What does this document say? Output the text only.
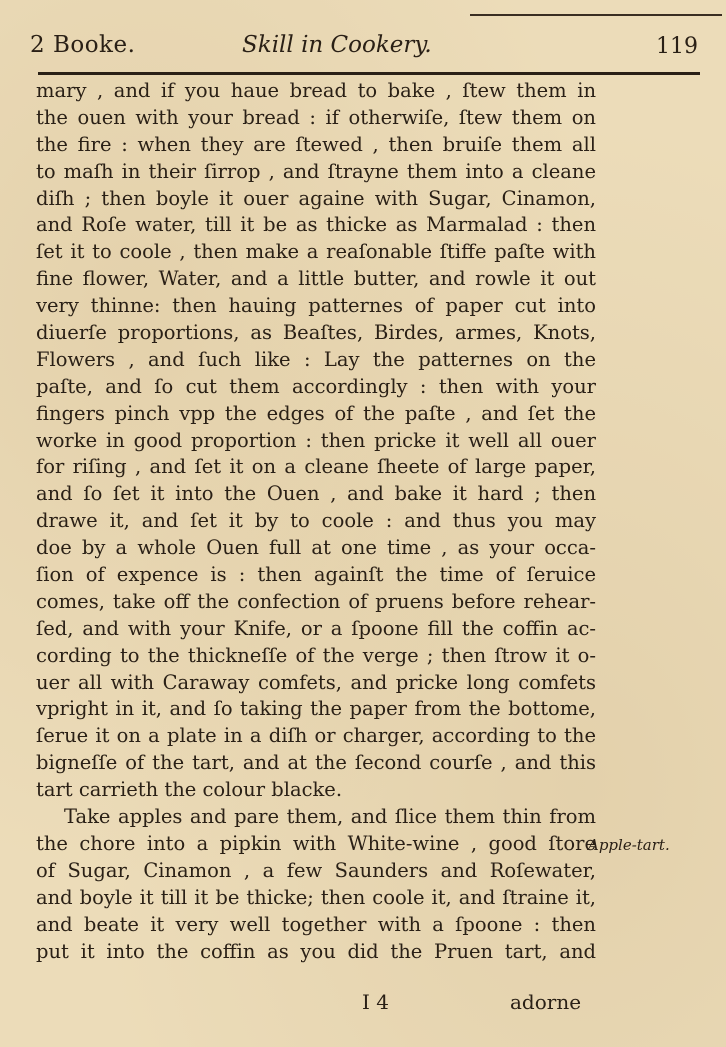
2 Booke.	Skill in Cookery.	119
mary , and if you haue bread to bake , ſtew them in
the ouen with your bread : if otherwiſe, ſtew them on
the fire : when they are ſtewed , then bruiſe them all
to maſh in their ſirrop , and ſtrayne them into a cleane
diſh ; then boyle it ouer againe with Sugar, Cinamon,
and Roſe water, till it be as thicke as Marmalad : then
ſet it to coole , then make a reaſonable ſtiffe paſte with
fine flower, Water, and a little butter, and rowle it out
very thinne: then hauing patternes of paper cut into
diuerſe proportions, as Beaſtes, Birdes, armes, Knots,
Flowers , and ſuch like : Lay the patternes on the
paſte, and ſo cut them accordingly : then with your
fingers pinch vpp the edges of the paſte , and ſet the
worke in good proportion : then pricke it well all ouer
for riſing , and ſet it on a cleane ſheete of large paper,
and ſo ſet it into the Ouen , and bake it hard ; then
drawe it, and ſet it by to coole : and thus you may
doe by a whole Ouen full at one time , as your occa-
ſion of expence is : then againſt the time of ſeruice
comes, take off the confection of pruens before rehear-
ſed, and with your Knife, or a ſpoone fill the coffin ac-
cording to the thickneſſe of the verge ; then ſtrow it o-
uer all with Caraway comfets, and pricke long comfets
vpright in it, and ſo taking the paper from the bottome,
ſerue it on a plate in a diſh or charger, according to the
bigneſſe of the tart, and at the ſecond courſe , and this
tart carrieth the colour blacke.
Take apples and pare them, and ſlice them thin from
the chore into a pipkin with White-wine , good ſtore
of Sugar, Cinamon , a few Saunders and Roſewater,
and boyle it till it be thicke; then coole it, and ſtraine it,
and beate it very well together with a ſpoone : then
put it into the coffin as you did the Pruen tart, and
Apple-tart.
I 4	adorne
